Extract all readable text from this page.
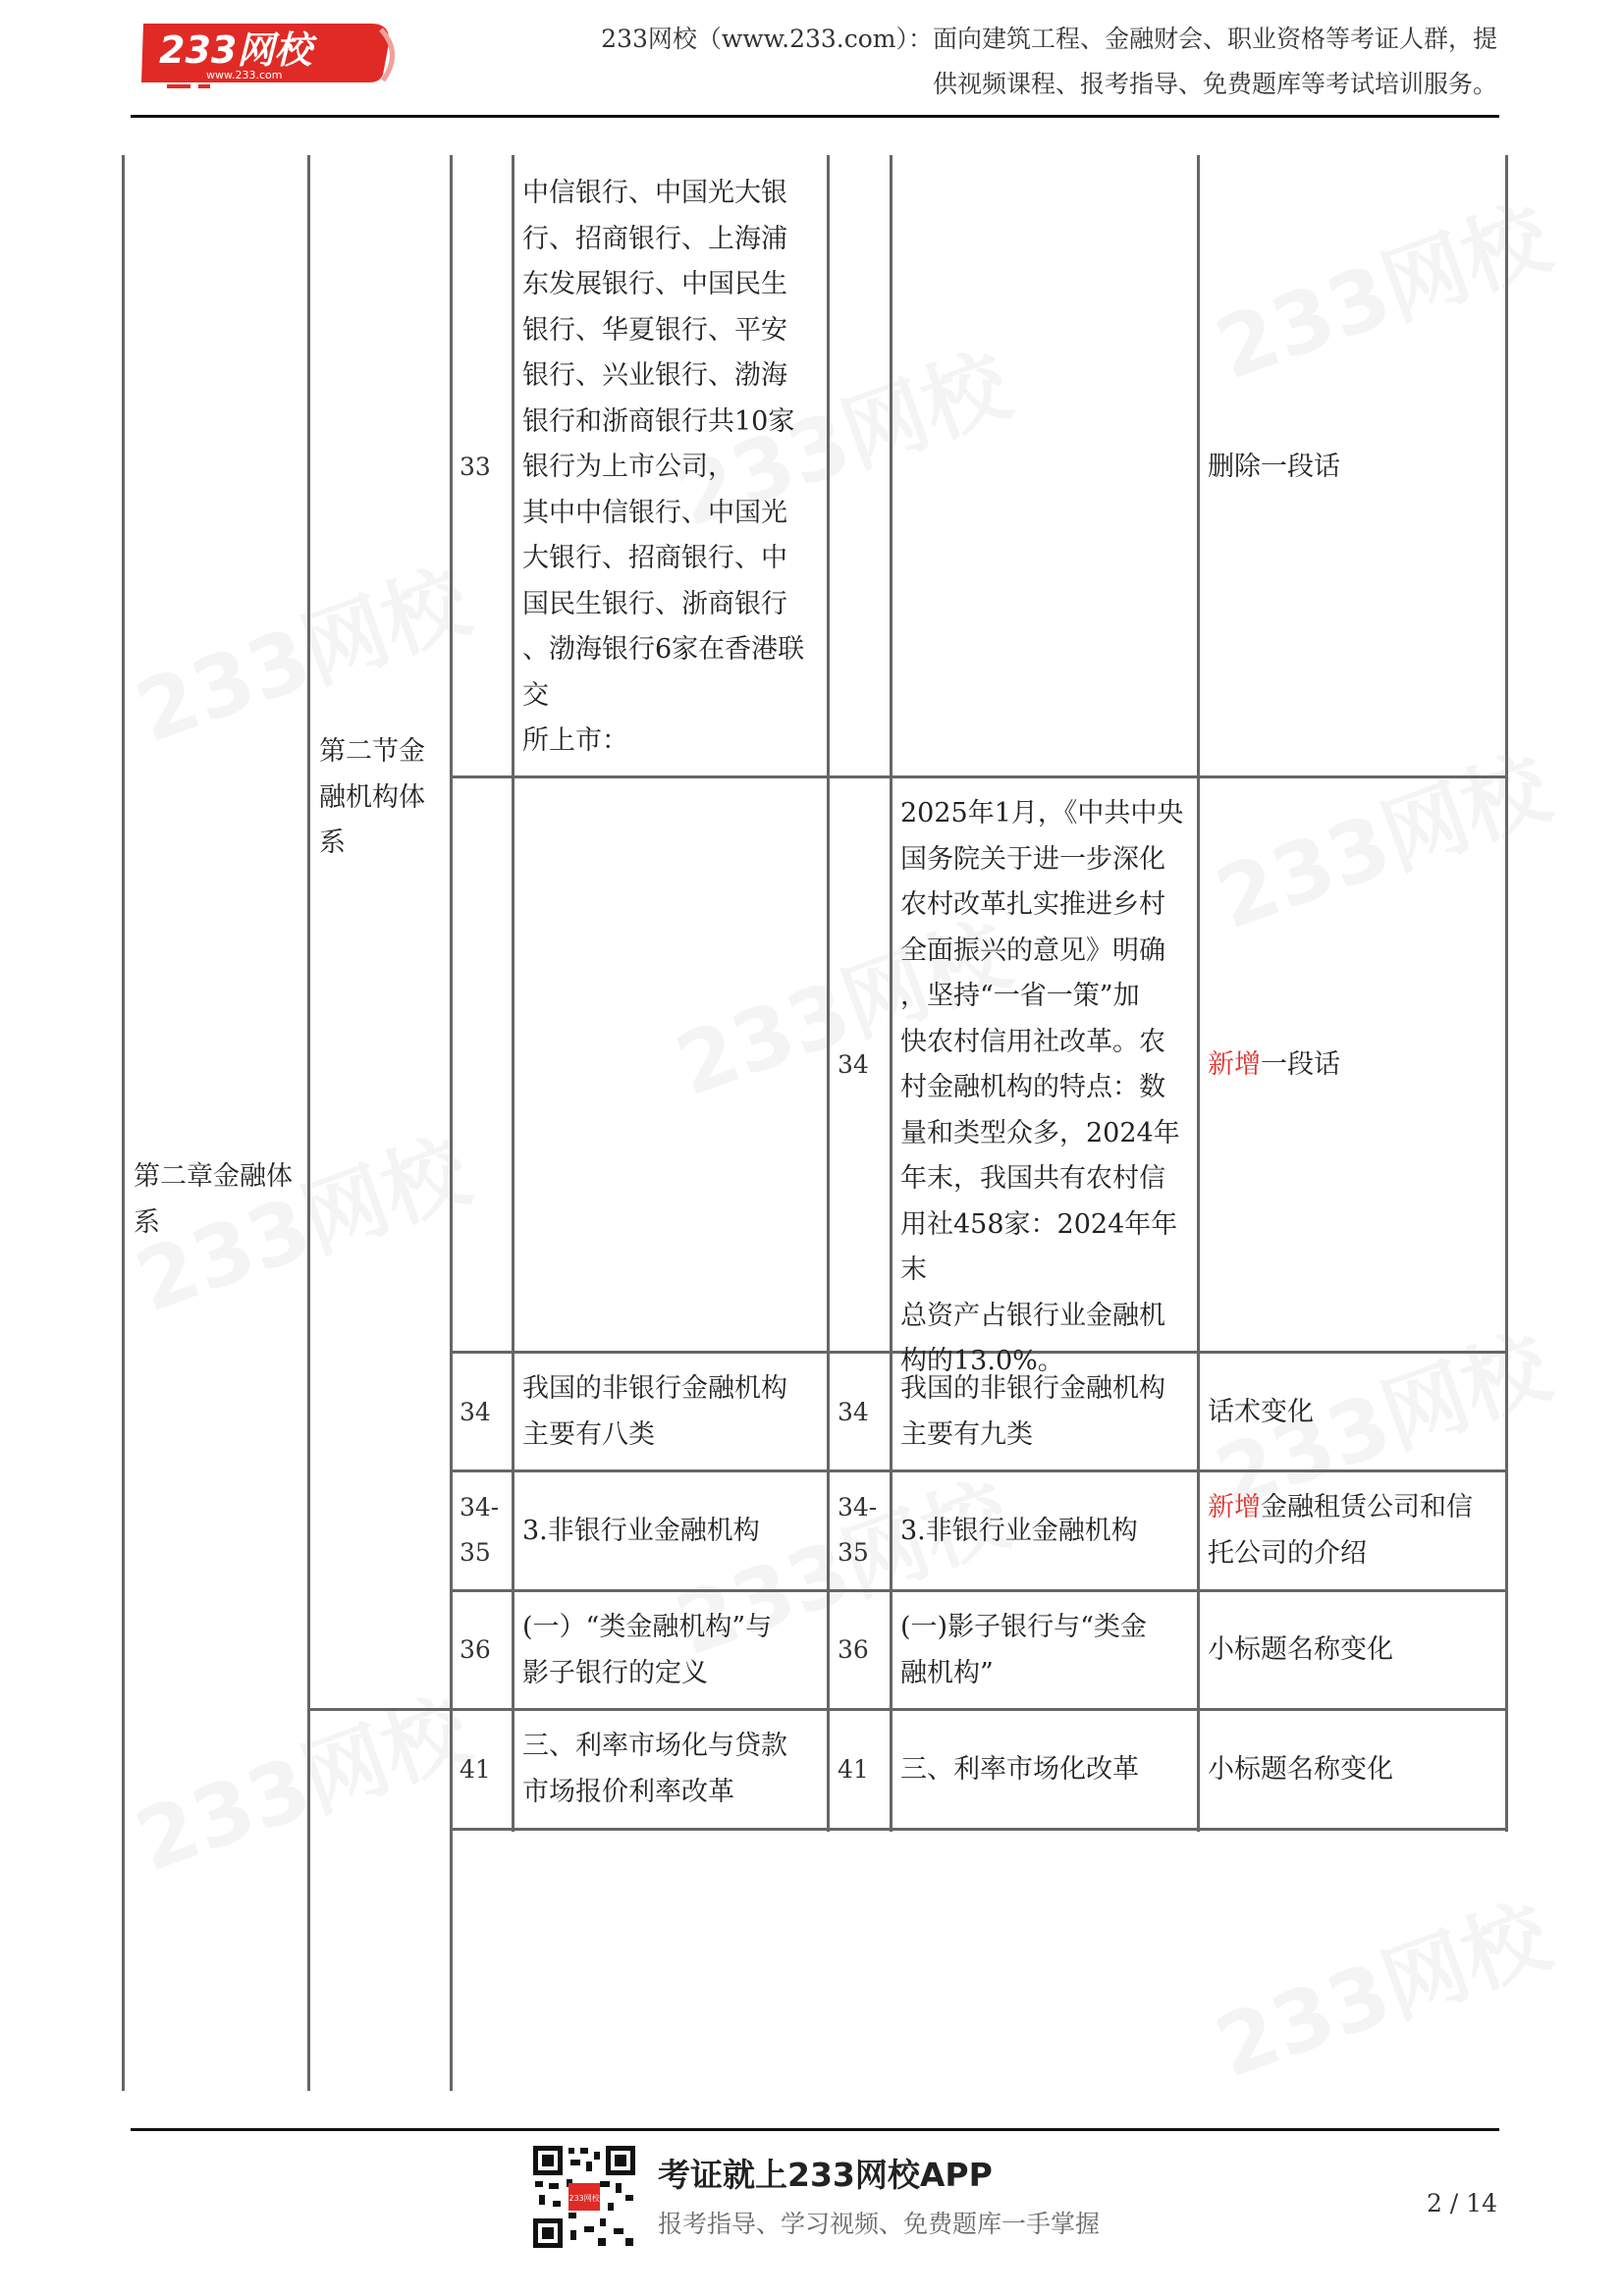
233网校
www.233.com
233网校（www.233.com）：面向建筑工程、金融财会、职业资格等考证人群，提
供视频课程、报考指导、免费题库等考试培训服务。
第二章金融体
系
第二节金
融机构体
系
33
中信银行、中国光大银
行、招商银行、上海浦
东发展银行、中国民生
银行、华夏银行、平安
银行、兴业银行、渤海
银行和浙商银行共10家
银行为上市公司，
其中中信银行、中国光
大银行、招商银行、中
国民生银行、浙商银行
、渤海银行6家在香港联
交
所上市：
删除一段话
34
2025年1月，《中共中央
国务院关于进一步深化
农村改革扎实推进乡村
全面振兴的意见》明确
，坚持“一省一策”加
快农村信用社改革。农
村金融机构的特点：数
量和类型众多，2024年
年末，我国共有农村信
用社458家：2024年年末
总资产占银行业金融机
构的13.0%。
新增一段话
34
我国的非银行金融机构
主要有八类
34
我国的非银行金融机构
主要有九类
话术变化
34-
35
3.非银行业金融机构
34-
35
3.非银行业金融机构
新增金融租赁公司和信
托公司的介绍
36
(一）“类金融机构”与
影子银行的定义
36
(一)影子银行与“类金
融机构”
小标题名称变化
41
三、利率市场化与贷款
市场报价利率改革
41 三、利率市场化改革	小标题名称变化
233网校
考证就上233网校APP
报考指导、学习视频、免费题库一手掌握
2 / 14
